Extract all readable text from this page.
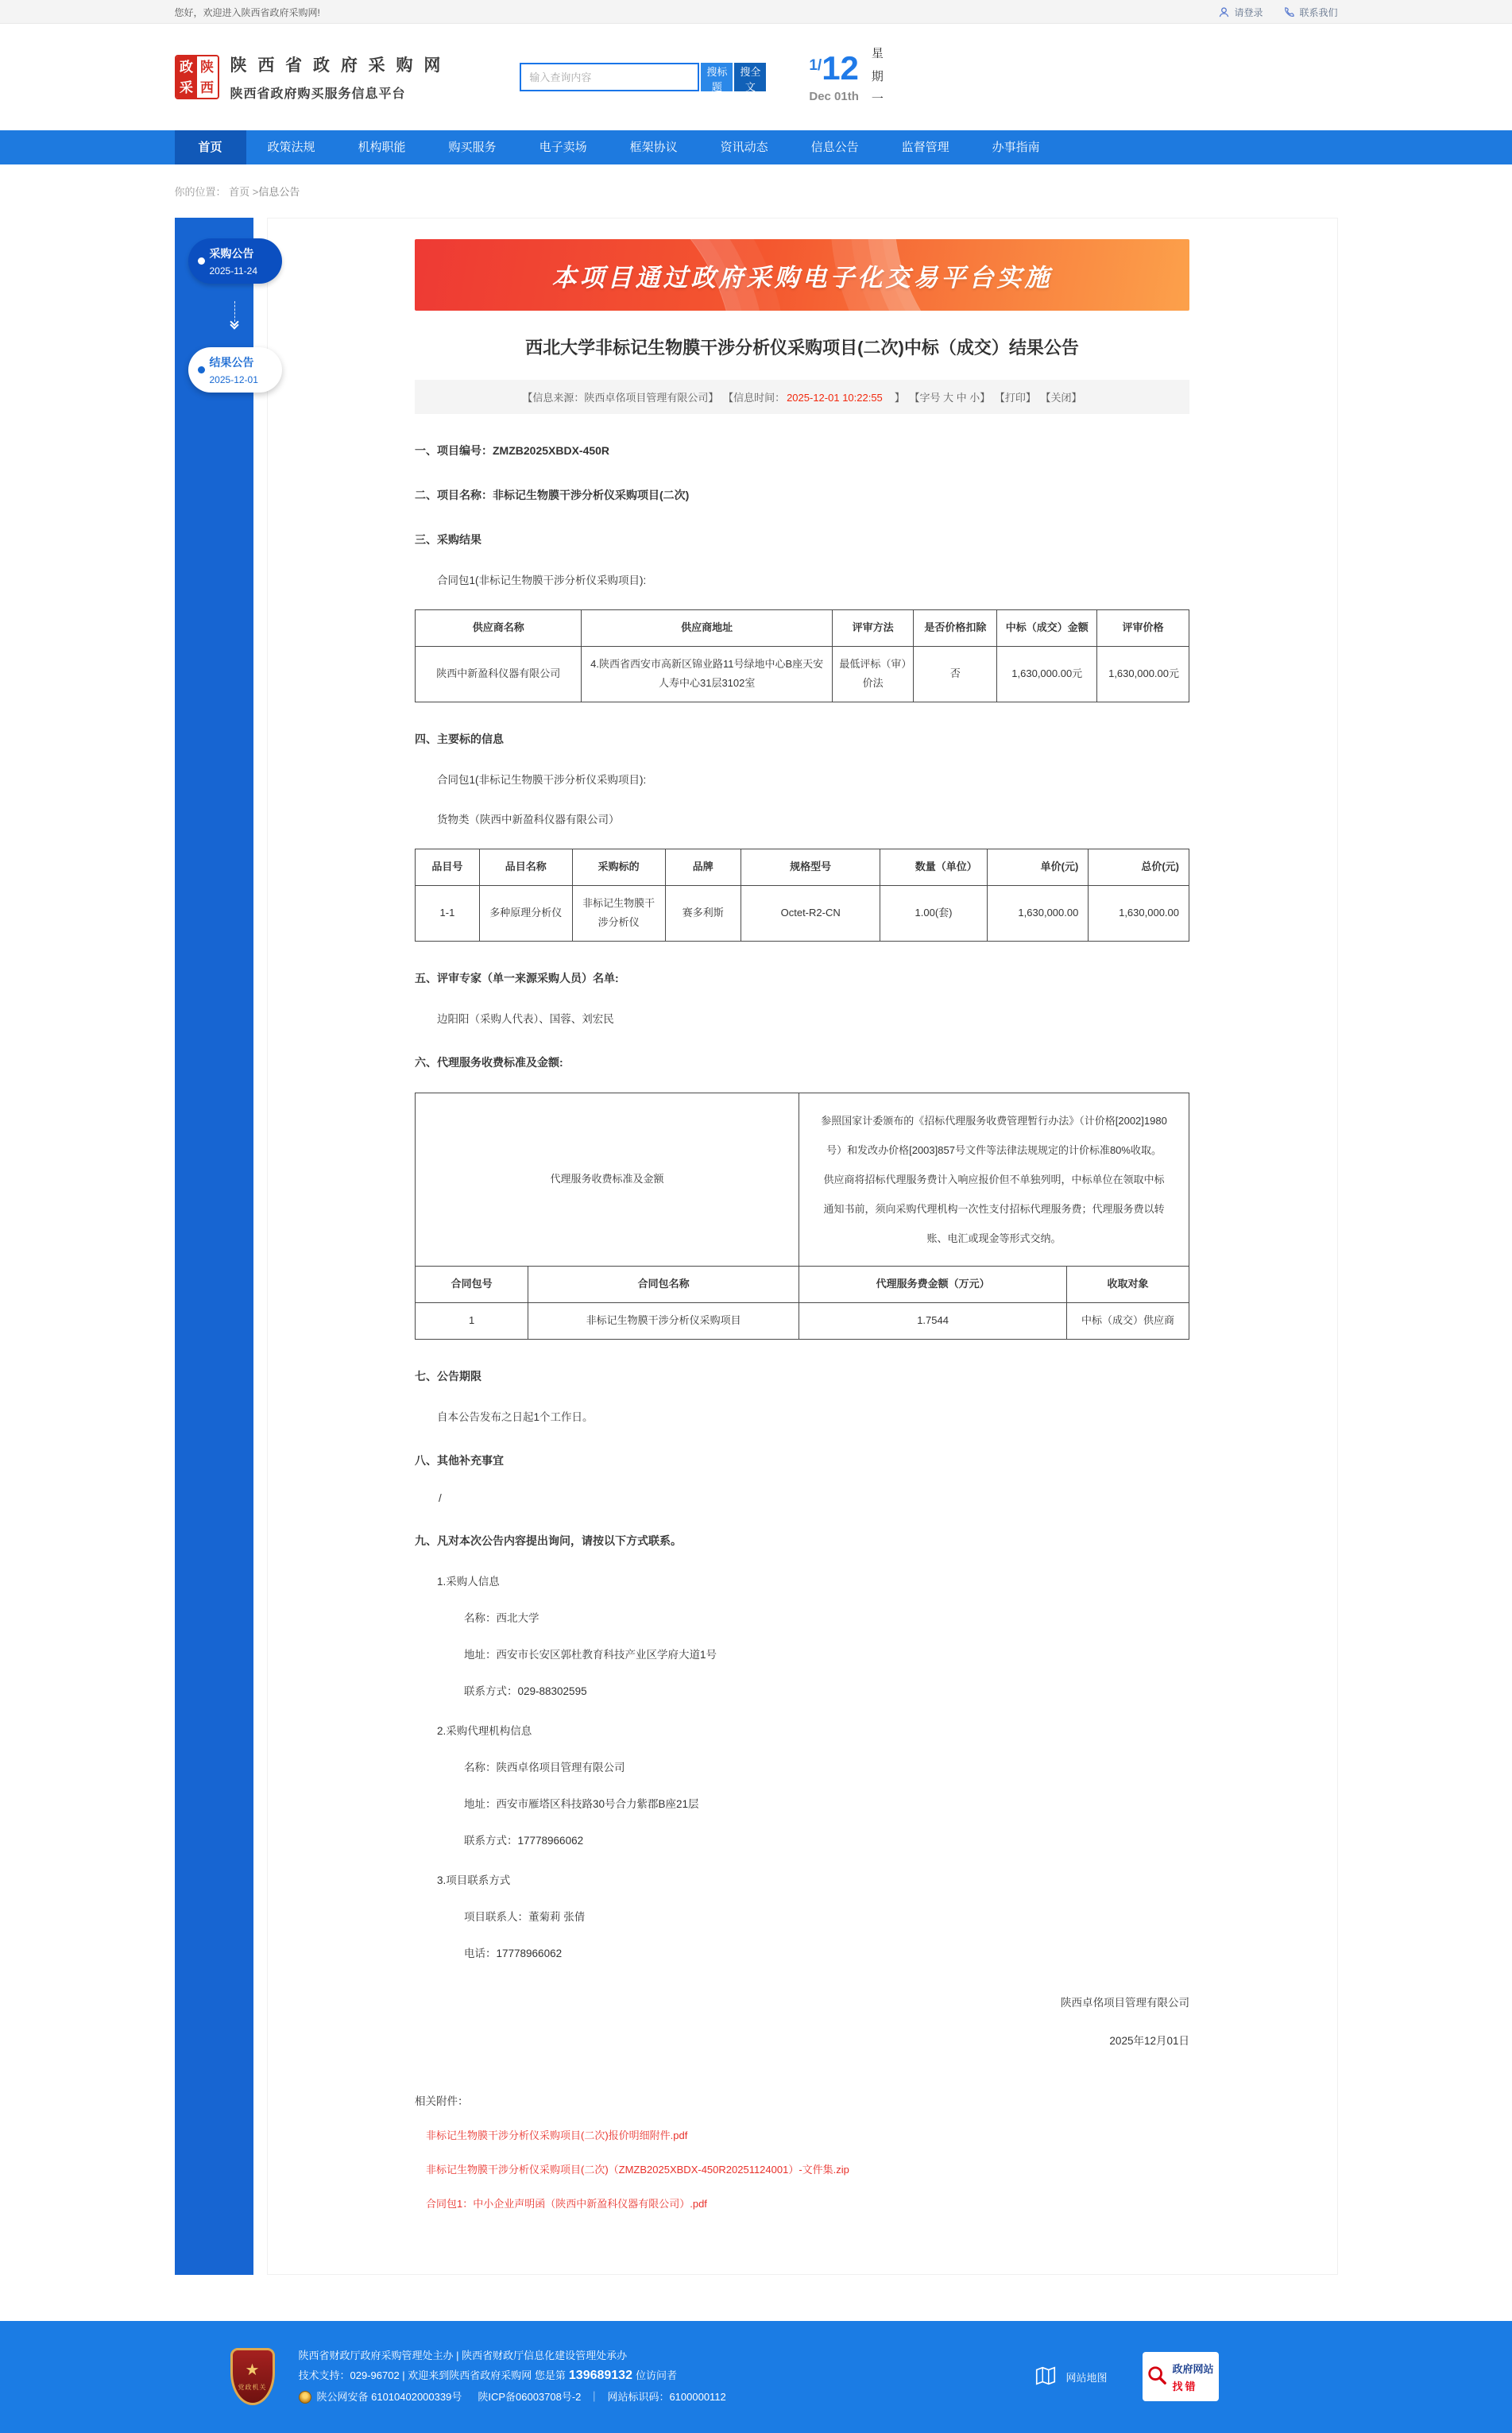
您好，欢迎进入陕西省政府采购网!	请登录	联系我们
政
采
陕
西
陕 西 省 政 府 采 购 网
陕西省政府购买服务信息平台
输入查询内容
搜标题
搜全文
1/ 12
Dec 01th
星期一
首页	政策法规	机构职能	购买服务	电子卖场	框架协议	资讯动态	信息公告	监督管理	办事指南
你的位置： 首页 >信息公告
采购公告
2025-11-24
结果公告
2025-12-01
本项目通过政府采购电子化交易平台实施
西北大学非标记生物膜干涉分析仪采购项目(二次)中标（成交）结果公告
【信息来源：陕西卓佲项目管理有限公司】 【信息时间： 2025-12-01 10:22:55　】 【字号 大 中 小】 【打印】 【关闭】
一、项目编号：ZMZB2025XBDX-450R
二、项目名称：非标记生物膜干涉分析仪采购项目(二次)
三、采购结果
合同包1(非标记生物膜干涉分析仪采购项目):
供应商名称	供应商地址	评审方法	是否价格扣除	中标（成交）金额	评审价格
陕西中新盈科仪器有限公司	4.陕西省西安市高新区锦业路11号绿地中心B座天安人寿中心31层3102室	最低评标（审）价法	否	1,630,000.00元	1,630,000.00元
四、主要标的信息
合同包1(非标记生物膜干涉分析仪采购项目):
货物类（陕西中新盈科仪器有限公司）
品目号	品目名称	采购标的	品牌	规格型号	数量（单位）	单价(元)	总价(元)
1-1	多种原理分析仪	非标记生物膜干涉分析仪	赛多利斯	Octet-R2-CN	1.00(套)	1,630,000.00	1,630,000.00
五、评审专家（单一来源采购人员）名单:
边阳阳（采购人代表）、国蓉、刘宏民
六、代理服务收费标准及金额:
代理服务收费标准及金额		参照国家计委颁布的《招标代理服务收费管理暂行办法》（计价格[2002]1980号）和发改办价格[2003]857号文件等法律法规规定的计价标准80%收取。 供应商将招标代理服务费计入响应报价但不单独列明，中标单位在领取中标通知书前，须向采购代理机构一次性支付招标代理服务费；代理服务费以转账、电汇或现金等形式交纳。	
合同包号	合同包名称	代理服务费金额（万元）	收取对象
1	非标记生物膜干涉分析仪采购项目	1.7544	中标（成交）供应商
七、公告期限
自本公告发布之日起1个工作日。
八、其他补充事宜
/
九、凡对本次公告内容提出询问，请按以下方式联系。
1.采购人信息
名称：西北大学
地址：西安市长安区郭杜教育科技产业区学府大道1号
联系方式：029-88302595
2.采购代理机构信息
名称：陕西卓佲项目管理有限公司
地址：西安市雁塔区科技路30号合力紫郡B座21层
联系方式：17778966062
3.项目联系方式
项目联系人：董菊莉 张倩
电话：17778966062
陕西卓佲项目管理有限公司
2025年12月01日
相关附件：
非标记生物膜干涉分析仪采购项目(二次)报价明细附件.pdf
非标记生物膜干涉分析仪采购项目(二次)（ZMZB2025XBDX-450R20251124001）-文件集.zip
合同包1：中小企业声明函（陕西中新盈科仪器有限公司）.pdf
★
党政机关
陕西省财政厅政府采购管理处主办 | 陕西省财政厅信息化建设管理处承办
技术支持：029-96702 | 欢迎来到陕西省政府采购网 您是第 139689132 位访问者
陕公网安备 61010402000339号 陕ICP备06003708号-2 ｜ 网站标识码：6100000112
网站地图
政府网站
找错
